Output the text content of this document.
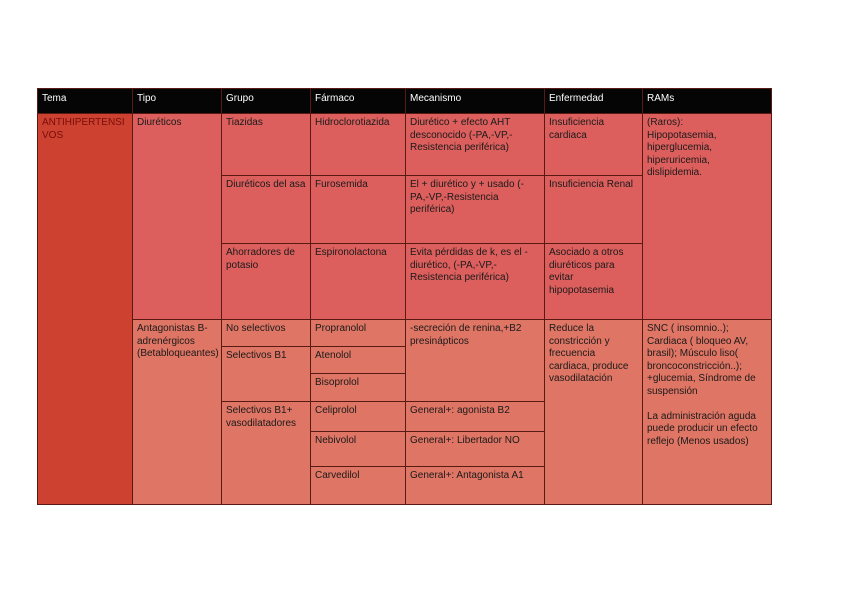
Tema	Tipo	Grupo	Fármaco	Mecanismo	Enfermedad	RAMs
ANTIHIPERTENSIVOS	Diuréticos	Tiazidas	Hidroclorotiazida	Diurético + efecto AHT desconocido (-PA,-VP,-Resistencia periférica)	Insuficiencia cardiaca	(Raros):
Hipopotasemia,
hiperglucemia,
hiperuricemia,
dislipidemia.
		Diuréticos del asa	Furosemida	El + diurético y + usado (-PA,-VP,-Resistencia periférica)	Insuficiencia Renal	
		Ahorradores de potasio	Espironolactona	Evita pérdidas de k, es el - diurético, (-PA,-VP,-Resistencia periférica)	Asociado a otros diuréticos para evitar hipopotasemia	
	Antagonistas B-adrenérgicos (Betabloqueantes)	No selectivos	Propranolol	-secreción de renina,+B2 presinápticos	Reduce la constricción y frecuencia cardiaca, produce vasodilatación	SNC ( insomnio..); Cardiaca ( bloqueo AV, brasil); Músculo liso( broncoconstricción..); +glucemia, Síndrome de suspensión

La administración aguda puede producir un efecto reflejo (Menos usados)
		Selectivos B1	Atenolol			
			Bisoprolol			
		Selectivos B1+ vasodilatadores	Celiprolol	General+: agonista B2		
			Nebivolol	General+: Libertador NO		
			Carvedilol	General+: Antagonista A1		
